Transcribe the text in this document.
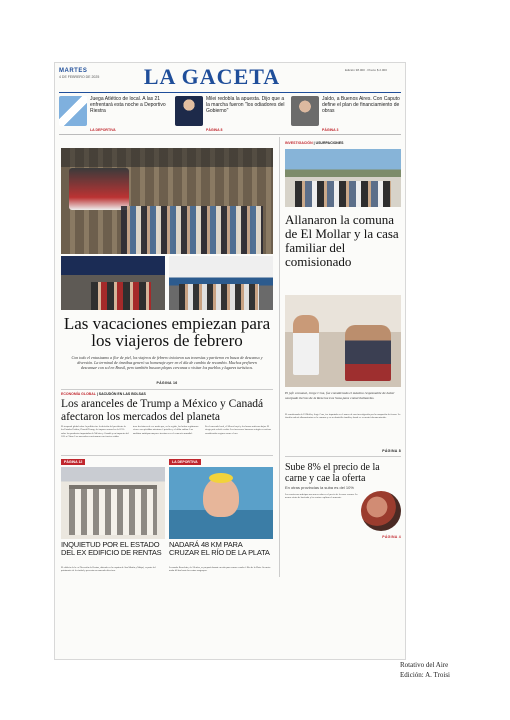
MARTES
4 DE FEBRERO DE 2025	LA GACETA	Edición 38.000 · Precio $ 2.000
Juega Atlético de local. A las 21 enfrentará esta noche a Deportivo Riestra
LA DEPORTIVA
Milei redobla la apuesta. Dijo que a la marcha fueron "los odiadores del Gobierno"
PÁGINA 8
Jaldo, a Buenos Aires. Con Caputo define el plan de financiamiento de obras
PÁGINA 3
Las vacaciones empiezan para los viajeros de febrero
Con todo el entusiasmo a flor de piel, los viajeros de febrero iniciaron sus travesías y partieron en busca de descanso y diversión. La terminal de ómnibus generó su homenaje ayer en el día de cambio de recambio. Muchos prefieren descansar con sol en Brasil, pero también buscan playas cercanas o visitar los pueblos y lugares turísticos.
PÁGINA 16
ECONOMÍA GLOBAL | SACUDÓN EN LAS BOLSAS
Los aranceles de Trump a México y Canadá afectaron los mercados del planeta
El temporal global sobre la política fue la decisión del presidente de los Estados Unidos, Donald Trump, de imponer aranceles del 25% sobre los productos importados de México y Canadá y un impuesto del 10% a China. Los mercados reaccionaron con fuertes caídas.
tuvo decisiones de ese modo que, en la región, las bolsas registraron cierres con pérdidas mientras el petróleo y el dólar subían. Los analistas anticipan mayores tensiones en el comercio mundial.
En el mercado local, el Merval cayó y los bonos sufrieron bajas. El riesgo país volvió a subir. Los inversores buscaron refugio en activos considerados seguros como el oro.
PÁGINA 12	LA DEPORTIVA
INQUIETUD POR EL ESTADO DEL EX EDIFICIO DE RENTAS
NADARÁ 48 KM PARA CRUZAR EL RÍO DE LA PLATA
El edificio de la ex Dirección de Rentas, ubicado en la esquina de San Martín y Maipú, es parte del patrimonio de la ciudad y presenta un marcado deterioro.
Leonardo Benedetto, de 28 años, se preparó durante un año para cruzar a nado el Río de la Plata. Su meta: nadar 48 km hasta las costas uruguayas.
INVESTIGACIÓN | USURPACIONES
Allanaron la comuna de El Mollar y la casa familiar del comisionado
El jefe comunal, Jorge Cruz, fue considerado el máximo responsable de haber usurpado tierras de la Reserva Los Sosa para comercializarlas.
El comisionado de El Mollar, Jorge Cruz, fue imputado en el marco de una investigación por la usurpación de tierras. La fiscalía ordenó allanamientos en la comuna y en su domicilio familiar, donde se secuestró documentación.
PÁGINA 8
Sube 8% el precio de la carne y cae la oferta
En otras provincias la suba es del 10%
Los carniceros anticipan una nueva suba en el precio de la carne vacuna. La menor oferta de hacienda y los costos explican el aumento.
PÁGINA 4
Rotativo del Aire
Edición: A. Troisi
